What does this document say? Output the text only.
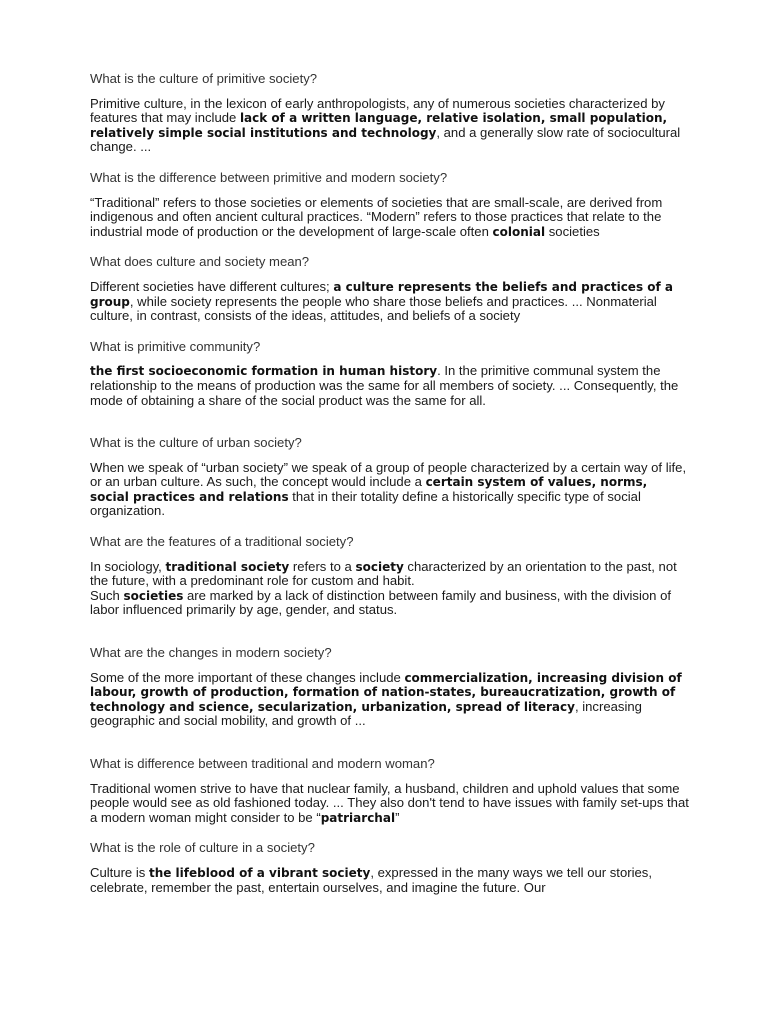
What is the culture of primitive society?

Primitive culture, in the lexicon of early anthropologists, any of numerous societies characterized by features that may include lack of a written language, relative isolation, small population, relatively simple social institutions and technology, and a generally slow rate of sociocultural change. ...

What is the difference between primitive and modern society?

“Traditional” refers to those societies or elements of societies that are small-scale, are derived from indigenous and often ancient cultural practices. “Modern” refers to those practices that relate to the industrial mode of production or the development of large-scale often colonial societies

What does culture and society mean?

Different societies have different cultures; a culture represents the beliefs and practices of a group, while society represents the people who share those beliefs and practices. ... Nonmaterial culture, in contrast, consists of the ideas, attitudes, and beliefs of a society

What is primitive community?

the first socioeconomic formation in human history. In the primitive communal system the relationship to the means of production was the same for all members of society. ... Consequently, the mode of obtaining a share of the social product was the same for all.

What is the culture of urban society?

When we speak of “urban society” we speak of a group of people characterized by a certain way of life, or an urban culture. As such, the concept would include a certain system of values, norms, social practices and relations that in their totality define a historically specific type of social organization.

What are the features of a traditional society?

In sociology, traditional society refers to a society characterized by an orientation to the past, not the future, with a predominant role for custom and habit.
Such societies are marked by a lack of distinction between family and business, with the division of labor influenced primarily by age, gender, and status.

What are the changes in modern society?

Some of the more important of these changes include commercialization, increasing division of labour, growth of production, formation of nation-states, bureaucratization, growth of technology and science, secularization, urbanization, spread of literacy, increasing geographic and social mobility, and growth of ...

What is difference between traditional and modern woman?

Traditional women strive to have that nuclear family, a husband, children and uphold values that some people would see as old fashioned today. ... They also don't tend to have issues with family set-ups that a modern woman might consider to be “patriarchal”

What is the role of culture in a society?

Culture is the lifeblood of a vibrant society, expressed in the many ways we tell our stories, celebrate, remember the past, entertain ourselves, and imagine the future. Our
